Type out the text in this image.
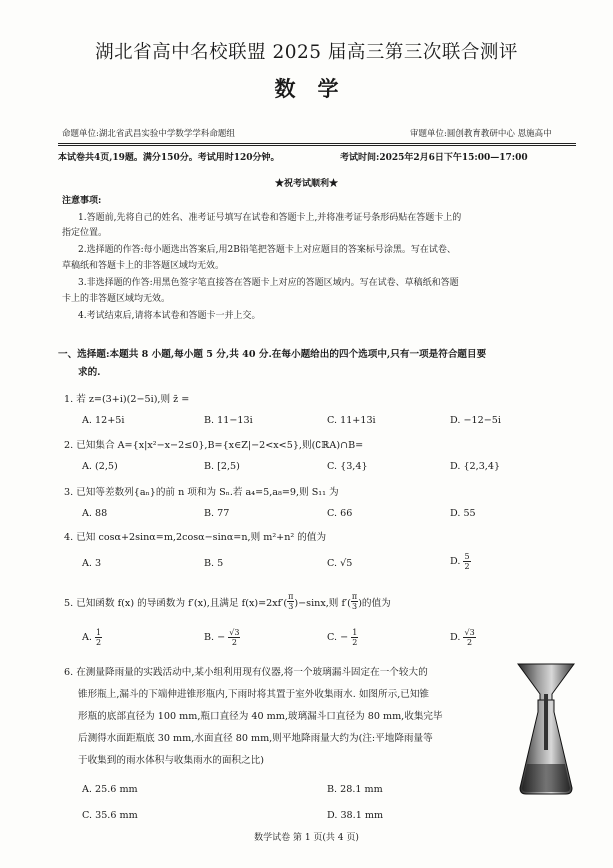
湖北省高中名校联盟 2025 届高三第三次联合测评
数学
命题单位:湖北省武昌实验中学数学学科命题组	审题单位:圆创教育教研中心 恩施高中
本试卷共4页,19题。满分150分。考试用时120分钟。	考试时间:2025年2月6日下午15:00—17:00
★祝考试顺利★
注意事项:
1.答题前,先将自己的姓名、准考证号填写在试卷和答题卡上,并将准考证号条形码贴在答题卡上的
指定位置。
2.选择题的作答:每小题选出答案后,用2B铅笔把答题卡上对应题目的答案标号涂黑。写在试卷、
草稿纸和答题卡上的非答题区域均无效。
3.非选择题的作答:用黑色签字笔直接答在答题卡上对应的答题区域内。写在试卷、草稿纸和答题
卡上的非答题区域均无效。
4.考试结束后,请将本试卷和答题卡一并上交。
一、选择题:本题共 8 小题,每小题 5 分,共 40 分.在每小题给出的四个选项中,只有一项是符合题目要
求的.
1. 若 z=(3+i)(2−5i),则 z̄ =
A. 12+5i	B. 11−13i	C. 11+13i	D. −12−5i
2. 已知集合 A={x|x²−x−2≤0},B={x∈Z|−2<x<5},则(∁ℝA)∩B=
A. (2,5)	B. [2,5)	C. {3,4}	D. {2,3,4}
3. 已知等差数列{aₙ}的前 n 项和为 Sₙ.若 a₄=5,a₈=9,则 S₁₁ 为
A. 88	B. 77	C. 66	D. 55
4. 已知 cosα+2sinα=m,2cosα−sinα=n,则 m²+n² 的值为
A. 3	B. 5	C. √5	D. $\frac{5}{2}$
5. 已知函数 f(x) 的导函数为 f′(x),且满足 $f(x)=2xf'( \frac{\pi}{3} )-\sin x$,则 $f'( \frac{\pi}{3}$ )的值为
A. $\frac{1}{2}$	B. − $\frac{√3}{2}$	C. − $\frac{1}{2}$	D. $\frac{√3}{2}$
6. 在测量降雨量的实践活动中,某小组利用现有仪器,将一个玻璃漏斗固定在一个较大的
锥形瓶上,漏斗的下端伸进锥形瓶内,下雨时将其置于室外收集雨水. 如图所示,已知锥
形瓶的底部直径为 100 mm,瓶口直径为 40 mm,玻璃漏斗口直径为 80 mm,收集完毕
后测得水面距瓶底 30 mm,水面直径 80 mm,则平地降雨量大约为(注:平地降雨量等
于收集到的雨水体积与收集雨水的面积之比)
A. 25.6 mm	B. 28.1 mm
C. 35.6 mm	D. 38.1 mm
数学试卷 第 1 页(共 4 页)
